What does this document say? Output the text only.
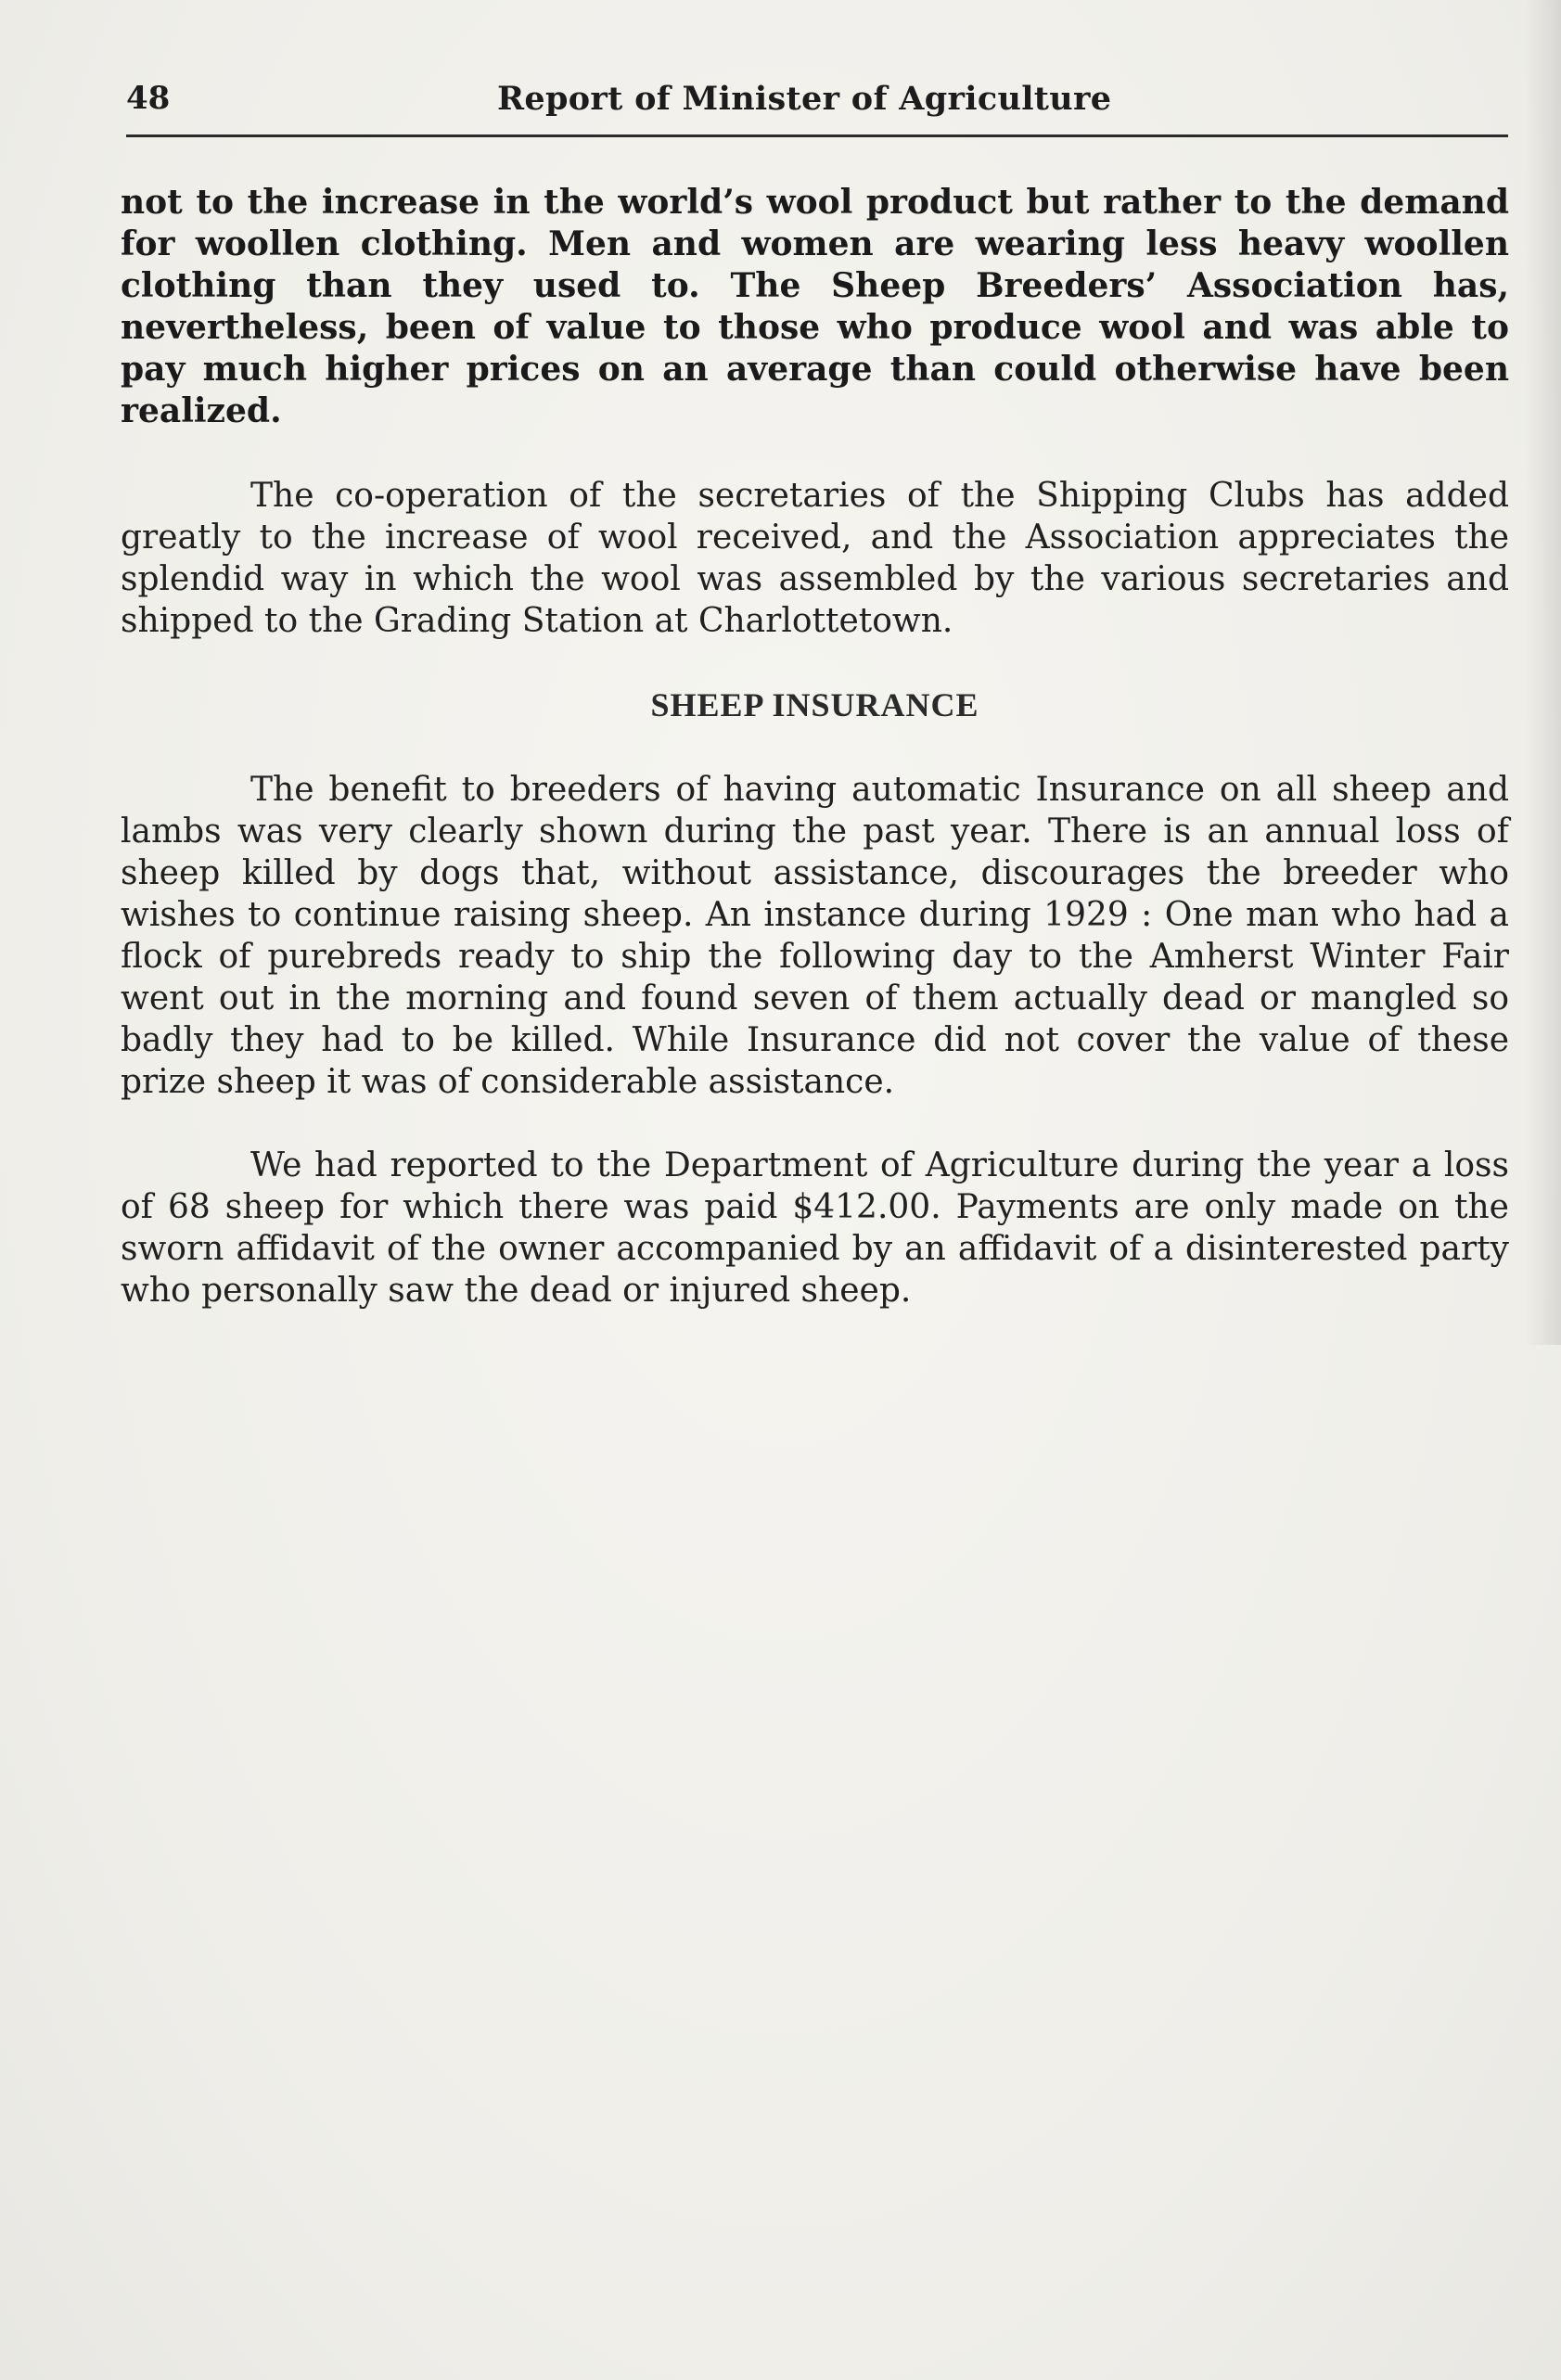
48	Report of Minister of Agriculture

not to the increase in the world’s wool product but rather to the demand for woollen clothing. Men and women are wearing less heavy woollen clothing than they used to. The Sheep Breeders’ Association has, nevertheless, been of value to those who produce wool and was able to pay much higher prices on an average than could otherwise have been realized.

The co-operation of the secretaries of the Shipping Clubs has added greatly to the increase of wool received, and the Association appreciates the splendid way in which the wool was assembled by the various secretaries and shipped to the Grading Station at Charlottetown.

SHEEP INSURANCE

The benefit to breeders of having automatic Insurance on all sheep and lambs was very clearly shown during the past year. There is an annual loss of sheep killed by dogs that, without assistance, discourages the breeder who wishes to continue raising sheep. An instance during 1929 : One man who had a flock of purebreds ready to ship the following day to the Amherst Winter Fair went out in the morning and found seven of them actually dead or mangled so badly they had to be killed. While Insurance did not cover the value of these prize sheep it was of considerable assistance.

We had reported to the Department of Agriculture during the year a loss of 68 sheep for which there was paid $412.00. Payments are only made on the sworn affidavit of the owner accompanied by an affidavit of a disinterested party who personally saw the dead or injured sheep.
